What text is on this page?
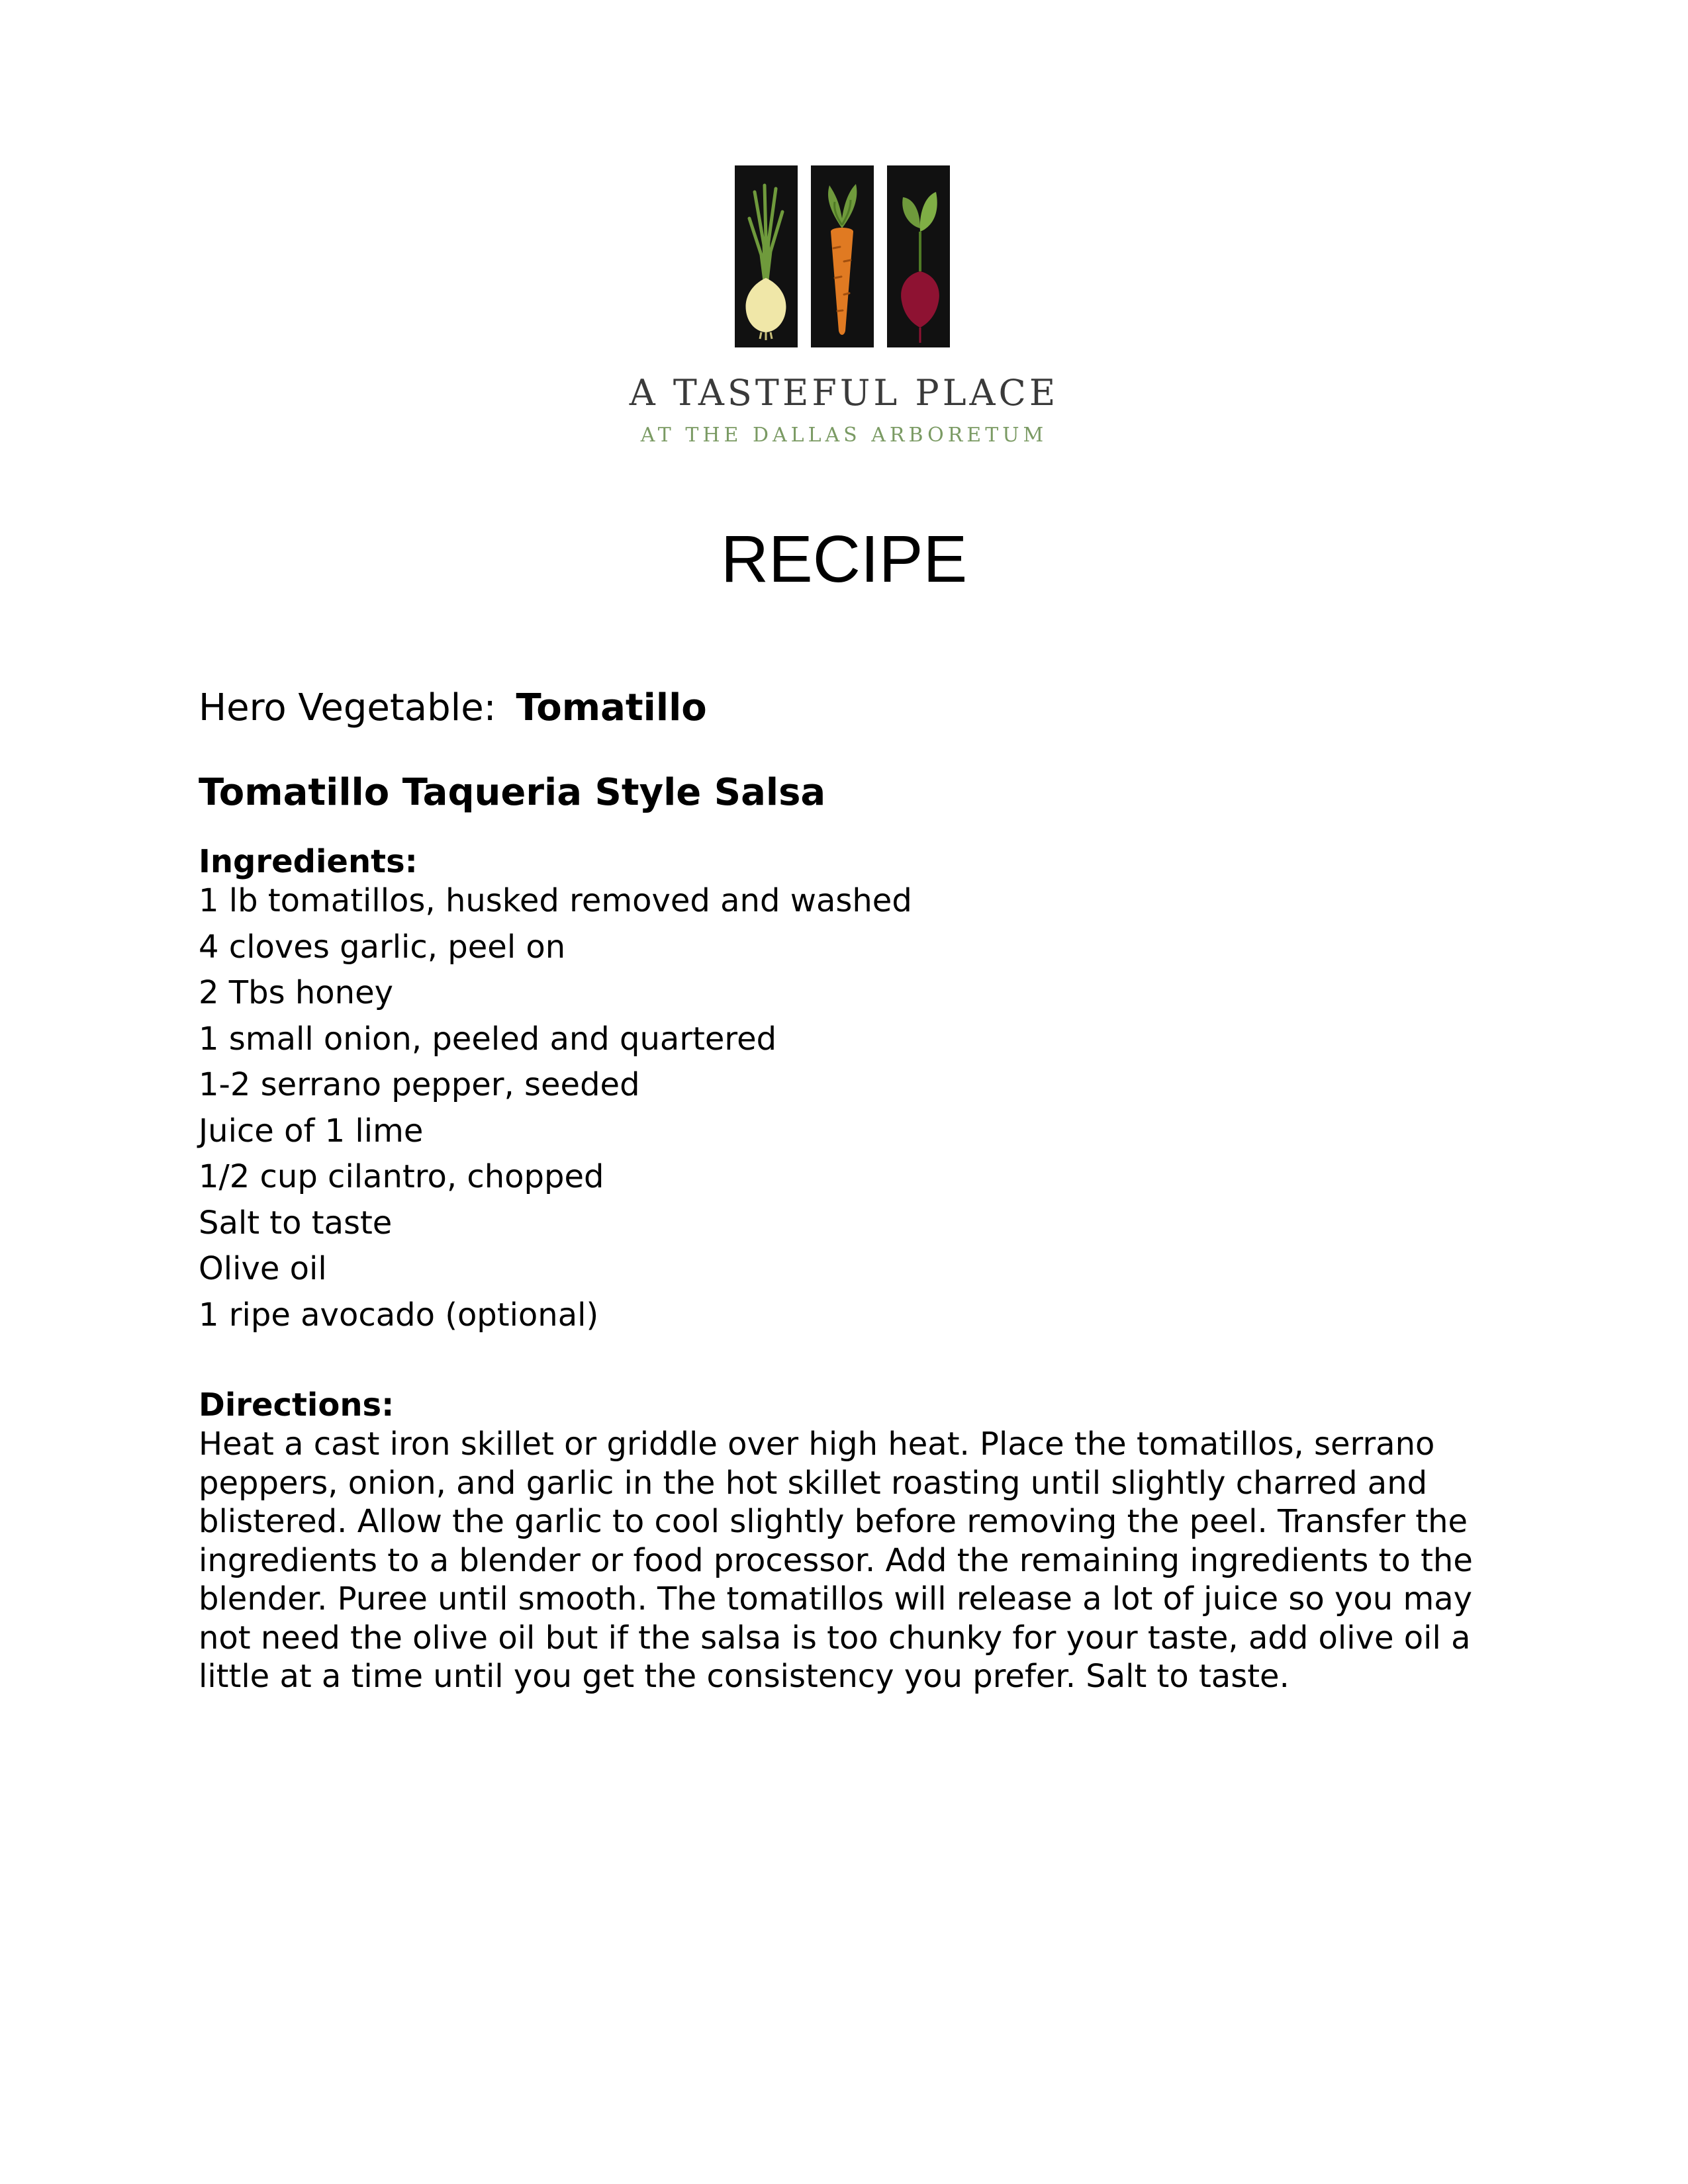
A TASTEFUL PLACE
AT THE DALLAS ARBORETUM
RECIPE
Hero Vegetable: Tomatillo
Tomatillo Taqueria Style Salsa
Ingredients:
1 lb tomatillos, husked removed and washed
4 cloves garlic, peel on
2 Tbs honey
1 small onion, peeled and quartered
1-2 serrano pepper, seeded
Juice of 1 lime
1/2 cup cilantro, chopped
Salt to taste
Olive oil
1 ripe avocado (optional)
Directions:

Heat a cast iron skillet or griddle over high heat. Place the tomatillos, serrano peppers, onion, and garlic in the hot skillet roasting until slightly charred and blistered. Allow the garlic to cool slightly before removing the peel. Transfer the ingredients to a blender or food processor. Add the remaining ingredients to the blender. Puree until smooth. The tomatillos will release a lot of juice so you may not need the olive oil but if the salsa is too chunky for your taste, add olive oil a little at a time until you get the consistency you prefer. Salt to taste.
